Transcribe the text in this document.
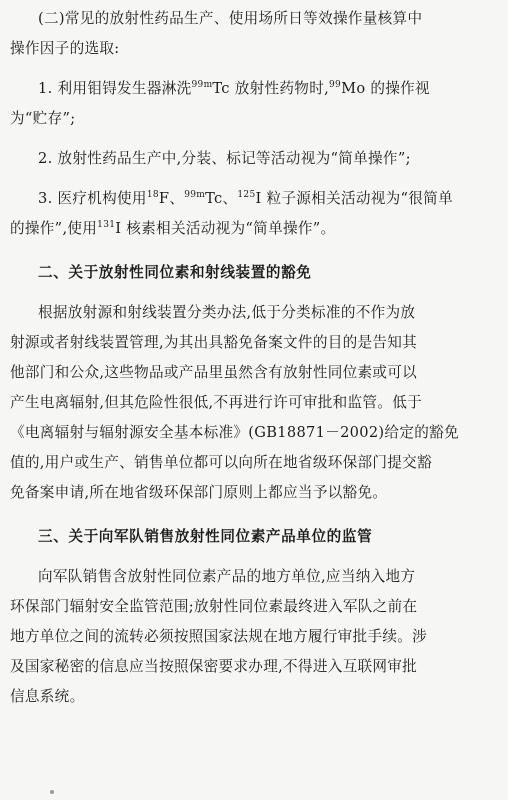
(二)常见的放射性药品生产、使用场所日等效操作量核算中
操作因子的选取:
1. 利用钼锝发生器淋洗$^{99m}$Tc 放射性药物时,$^{99}$Mo 的操作视
为“贮存”;
2. 放射性药品生产中,分装、标记等活动视为“简单操作”;
3. 医疗机构使用$^{18}$F、$^{99m}$Tc、$^{125}$I 粒子源相关活动视为“很简单
的操作”,使用$^{131}$I 核素相关活动视为“简单操作”。
二、关于放射性同位素和射线装置的豁免
根据放射源和射线装置分类办法,低于分类标准的不作为放
射源或者射线装置管理,为其出具豁免备案文件的目的是告知其
他部门和公众,这些物品或产品里虽然含有放射性同位素或可以
产生电离辐射,但其危险性很低,不再进行许可审批和监管。低于
《电离辐射与辐射源安全基本标准》(GB18871－2002)给定的豁免
值的,用户或生产、销售单位都可以向所在地省级环保部门提交豁
免备案申请,所在地省级环保部门原则上都应当予以豁免。
三、关于向军队销售放射性同位素产品单位的监管
向军队销售含放射性同位素产品的地方单位,应当纳入地方
环保部门辐射安全监管范围;放射性同位素最终进入军队之前在
地方单位之间的流转必须按照国家法规在地方履行审批手续。涉
及国家秘密的信息应当按照保密要求办理,不得进入互联网审批
信息系统。
